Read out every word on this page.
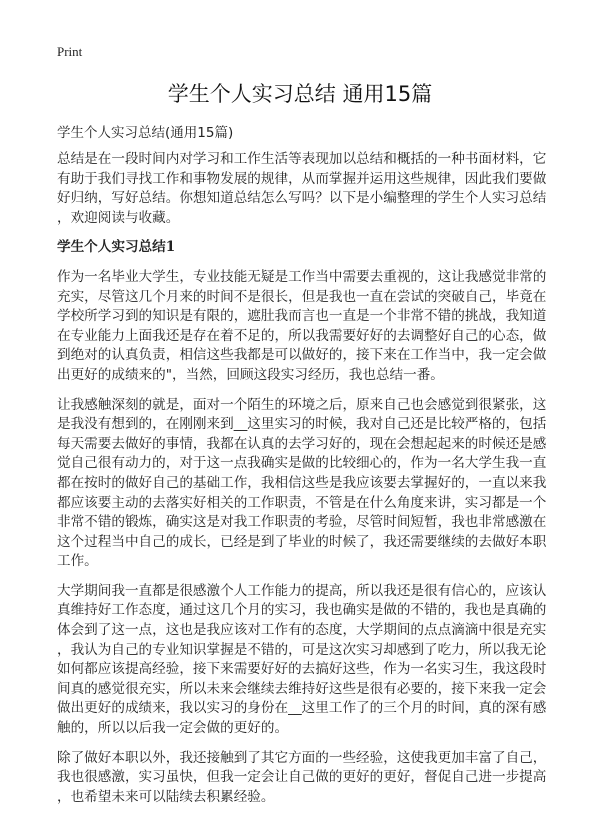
Print
学生个人实习总结 通用15篇
学生个人实习总结(通用15篇)

总结是在一段时间内对学习和工作生活等表现加以总结和概括的一种书面材料，它
有助于我们寻找工作和事物发展的规律，从而掌握并运用这些规律，因此我们要做
好归纳，写好总结。你想知道总结怎么写吗？以下是小编整理的学生个人实习总结
，欢迎阅读与收藏。

学生个人实习总结1

作为一名毕业大学生，专业技能无疑是工作当中需要去重视的，这让我感觉非常的
充实，尽管这几个月来的时间不是很长，但是我也一直在尝试的突破自己，毕竟在
学校所学习到的知识是有限的，遮肚我而言也一直是一个非常不错的挑战，我知道
在专业能力上面我还是存在着不足的，所以我需要好好的去调整好自己的心态，做
到绝对的认真负责，相信这些我都是可以做好的，接下来在工作当中，我一定会做
出更好的成绩来的"，当然，回顾这段实习经历，我也总结一番。

让我感触深刻的就是，面对一个陌生的环境之后，原来自己也会感觉到很紧张，这
是我没有想到的，在刚刚来到__这里实习的时候，我对自己还是比较严格的，包括
每天需要去做好的事情，我都在认真的去学习好的，现在会想起起来的时候还是感
觉自己很有动力的，对于这一点我确实是做的比较细心的，作为一名大学生我一直
都在按时的做好自己的基础工作，我相信这些是我应该要去掌握好的，一直以来我
都应该要主动的去落实好相关的工作职责，不管是在什么角度来讲，实习都是一个
非常不错的锻炼，确实这是对我工作职责的考验，尽管时间短暂，我也非常感激在
这个过程当中自己的成长，已经是到了毕业的时候了，我还需要继续的去做好本职
工作。

大学期间我一直都是很感激个人工作能力的提高，所以我还是很有信心的，应该认
真维持好工作态度，通过这几个月的实习，我也确实是做的不错的，我也是真确的
体会到了这一点，这也是我应该对工作有的态度，大学期间的点点滴滴中很是充实
，我认为自己的专业知识掌握是不错的，可是这次实习却感到了吃力，所以我无论
如何都应该提高经验，接下来需要好好的去搞好这些，作为一名实习生，我这段时
间真的感觉很充实，所以未来会继续去维持好这些是很有必要的，接下来我一定会
做出更好的成绩来，我以实习的身份在__这里工作了的三个月的时间，真的深有感
触的，所以以后我一定会做的更好的。

除了做好本职以外，我还接触到了其它方面的一些经验，这使我更加丰富了自己，
我也很感激，实习虽快，但我一定会让自己做的更好的更好，督促自己进一步提高
，也希望未来可以陆续去积累经验。
